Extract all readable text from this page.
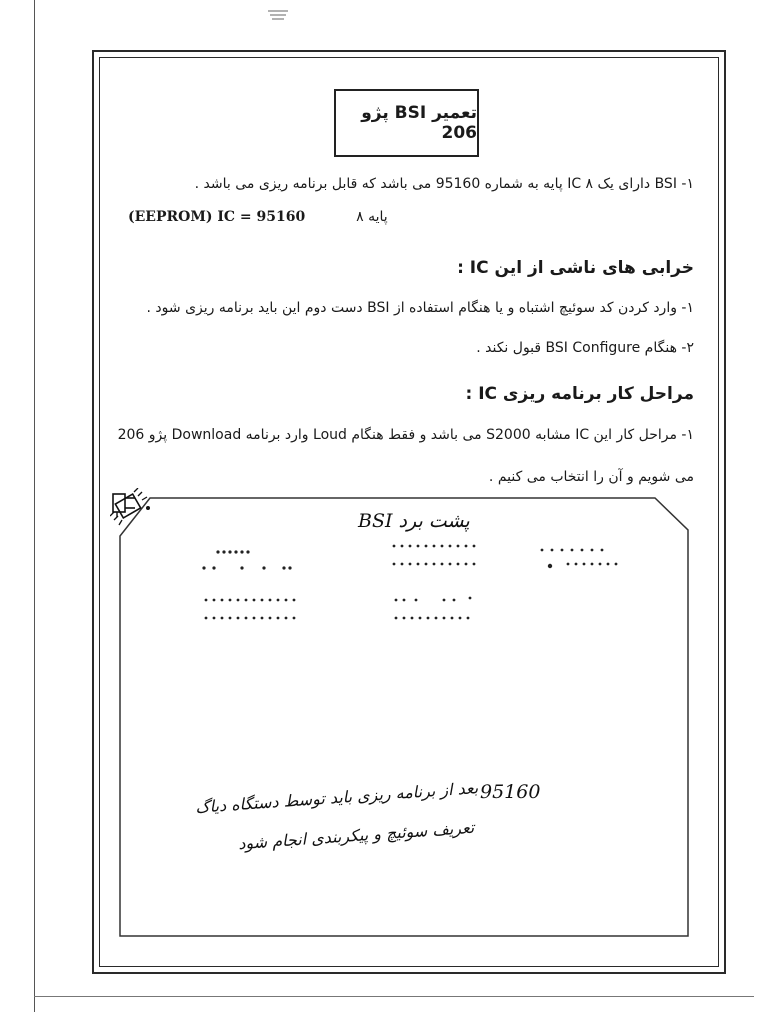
تعمیر BSI پژو 206
۱- BSI دارای یک IC ۸ پایه به شماره 95160 می باشد که قابل برنامه ریزی می باشد .
(EEPROM) IC = 95160	۸ پایه
خرابی های ناشی از این IC :
۱- وارد کردن کد سوئیچ اشتباه و یا هنگام استفاده از BSI دست دوم این باید برنامه ریزی شود .
۲- هنگام BSI Configure قبول نکند .
مراحل کار برنامه ریزی IC :
۱- مراحل کار این IC مشابه S2000 می باشد و فقط هنگام Loud وارد برنامه Download پژو 206
می شویم و آن را انتخاب می کنیم .
پشت برد BSI
95160
بعد از برنامه ریزی باید توسط دستگاه دیاگ
تعریف سوئیچ و پیکربندی انجام شود
